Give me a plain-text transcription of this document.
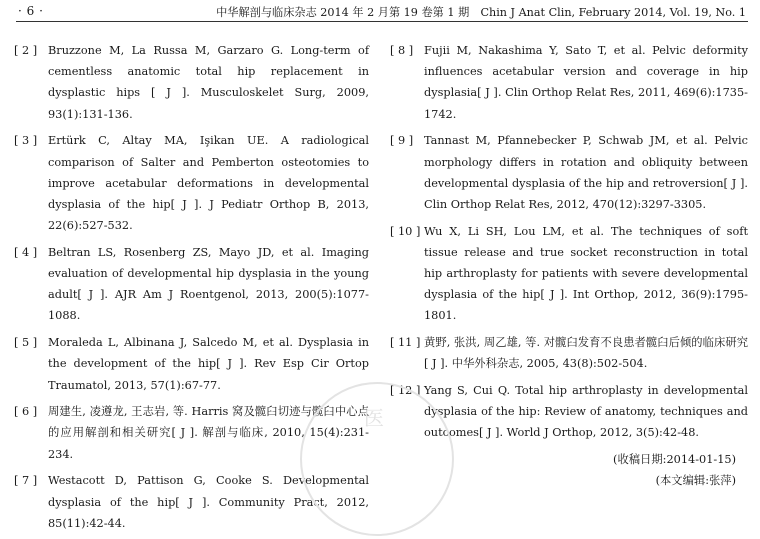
· 6 ·	中华解剖与临床杂志 2014 年 2 月第 19 卷第 1 期　Chin J Anat Clin, February 2014, Vol. 19, No. 1
[ 2 ] Bruzzone M, La Russa M, Garzaro G. Long-term of cementless anatomic total hip replacement in dysplastic hips [ J ]. Musculoskelet Surg, 2009, 93(1):131-136.
[ 3 ] Ertürk C, Altay MA, Işikan UE. A radiological comparison of Salter and Pemberton osteotomies to improve acetabular deformations in developmental dysplasia of the hip[ J ]. J Pediatr Orthop B, 2013, 22(6):527-532.
[ 4 ] Beltran LS, Rosenberg ZS, Mayo JD, et al. Imaging evaluation of developmental hip dysplasia in the young adult[ J ]. AJR Am J Roentgenol, 2013, 200(5):1077-1088.
[ 5 ] Moraleda L, Albinana J, Salcedo M, et al. Dysplasia in the development of the hip[ J ]. Rev Esp Cir Ortop Traumatol, 2013, 57(1):67-77.
[ 6 ] 周建生, 凌遵龙, 王志岩, 等. Harris 窝及髋臼切迹与髋臼中心点的应用解剖和相关研究[ J ]. 解剖与临床, 2010, 15(4):231-234.
[ 7 ] Westacott D, Pattison G, Cooke S. Developmental dysplasia of the hip[ J ]. Community Pract, 2012, 85(11):42-44.
[ 8 ] Fujii M, Nakashima Y, Sato T, et al. Pelvic deformity influences acetabular version and coverage in hip dysplasia[ J ]. Clin Orthop Relat Res, 2011, 469(6):1735-1742.
[ 9 ] Tannast M, Pfannebecker P, Schwab JM, et al. Pelvic morphology differs in rotation and obliquity between developmental dysplasia of the hip and retroversion[ J ]. Clin Orthop Relat Res, 2012, 470(12):3297-3305.
[ 10 ] Wu X, Li SH, Lou LM, et al. The techniques of soft tissue release and true socket reconstruction in total hip arthroplasty for patients with severe developmental dysplasia of the hip[ J ]. Int Orthop, 2012, 36(9):1795-1801.
[ 11 ] 黄野, 张洪, 周乙雄, 等. 对髋臼发育不良患者髋臼后倾的临床研究[ J ]. 中华外科杂志, 2005, 43(8):502-504.
[ 12 ] Yang S, Cui Q. Total hip arthroplasty in developmental dysplasia of the hip: Review of anatomy, techniques and outcomes[ J ]. World J Orthop, 2012, 3(5):42-48.
(收稿日期:2014-01-15)
(本文编辑:张萍)
医
